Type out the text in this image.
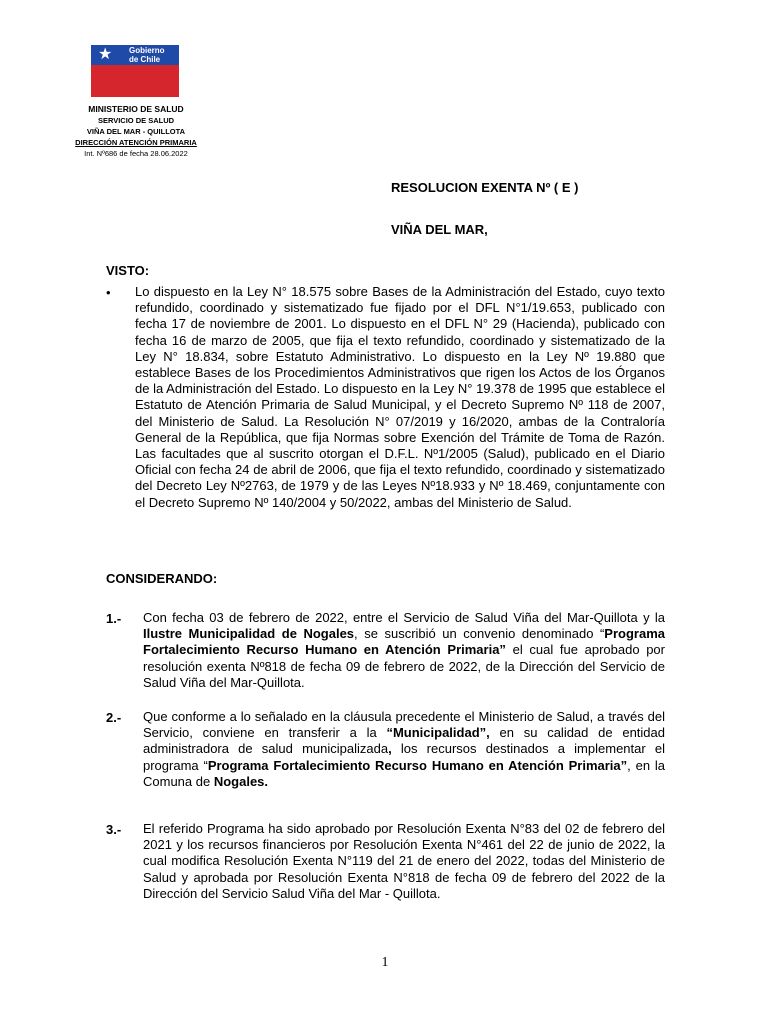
★ Gobierno
de Chile
MINISTERIO DE SALUD
SERVICIO DE SALUD
VIÑA DEL MAR - QUILLOTA
DIRECCIÓN ATENCIÓN PRIMARIA
Int. Nº686 de fecha 28.06.2022
RESOLUCION EXENTA Nº ( E )
VIÑA DEL MAR,
VISTO:
• Lo dispuesto en la Ley N° 18.575 sobre Bases de la Administración del Estado, cuyo texto refundido, coordinado y sistematizado fue fijado por el DFL N°1/19.653, publicado con fecha 17 de noviembre de 2001. Lo dispuesto en el DFL N° 29 (Hacienda), publicado con fecha 16 de marzo de 2005, que fija el texto refundido, coordinado y sistematizado de la Ley N° 18.834, sobre Estatuto Administrativo. Lo dispuesto en la Ley Nº 19.880 que establece Bases de los Procedimientos Administrativos que rigen los Actos de los Órganos de la Administración del Estado. Lo dispuesto en la Ley N° 19.378 de 1995 que establece el Estatuto de Atención Primaria de Salud Municipal, y el Decreto Supremo Nº 118 de 2007, del Ministerio de Salud. La Resolución N° 07/2019 y 16/2020, ambas de la Contraloría General de la República, que fija Normas sobre Exención del Trámite de Toma de Razón. Las facultades que al suscrito otorgan el D.F.L. Nº1/2005 (Salud), publicado en el Diario Oficial con fecha 24 de abril de 2006, que fija el texto refundido, coordinado y sistematizado del Decreto Ley Nº2763, de 1979 y de las Leyes Nº18.933 y Nº 18.469, conjuntamente con el Decreto Supremo Nº 140/2004 y 50/2022, ambas del Ministerio de Salud.
CONSIDERANDO:
1.- Con fecha 03 de febrero de 2022, entre el Servicio de Salud Viña del Mar-Quillota y la Ilustre Municipalidad de Nogales, se suscribió un convenio denominado “Programa Fortalecimiento Recurso Humano en Atención Primaria” el cual fue aprobado por resolución exenta Nº818 de fecha 09 de febrero de 2022, de la Dirección del Servicio de Salud Viña del Mar-Quillota.
2.- Que conforme a lo señalado en la cláusula precedente el Ministerio de Salud, a través del Servicio, conviene en transferir a la “Municipalidad”, en su calidad de entidad administradora de salud municipalizada, los recursos destinados a implementar el programa “Programa Fortalecimiento Recurso Humano en Atención Primaria”, en la Comuna de Nogales.
3.- El referido Programa ha sido aprobado por Resolución Exenta N°83 del 02 de febrero del 2021 y los recursos financieros por Resolución Exenta N°461 del 22 de junio de 2022, la cual modifica Resolución Exenta N°119 del 21 de enero del 2022, todas del Ministerio de Salud y aprobada por Resolución Exenta N°818 de fecha 09 de febrero del 2022 de la Dirección del Servicio Salud Viña del Mar - Quillota.
1
